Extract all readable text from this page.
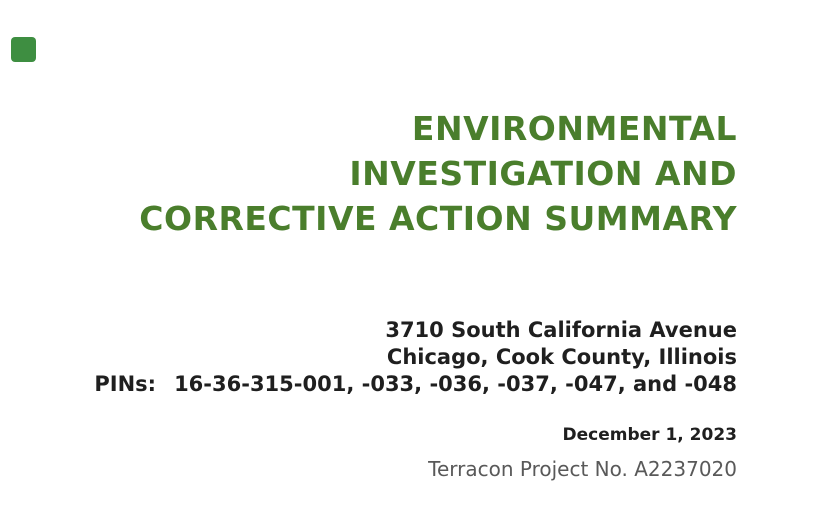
ENVIRONMENTAL
INVESTIGATION AND
CORRECTIVE ACTION SUMMARY
3710 South California Avenue
Chicago, Cook County, Illinois
PINs: 16-36-315-001, -033, -036, -037, -047, and -048
December 1, 2023
Terracon Project No. A2237020
